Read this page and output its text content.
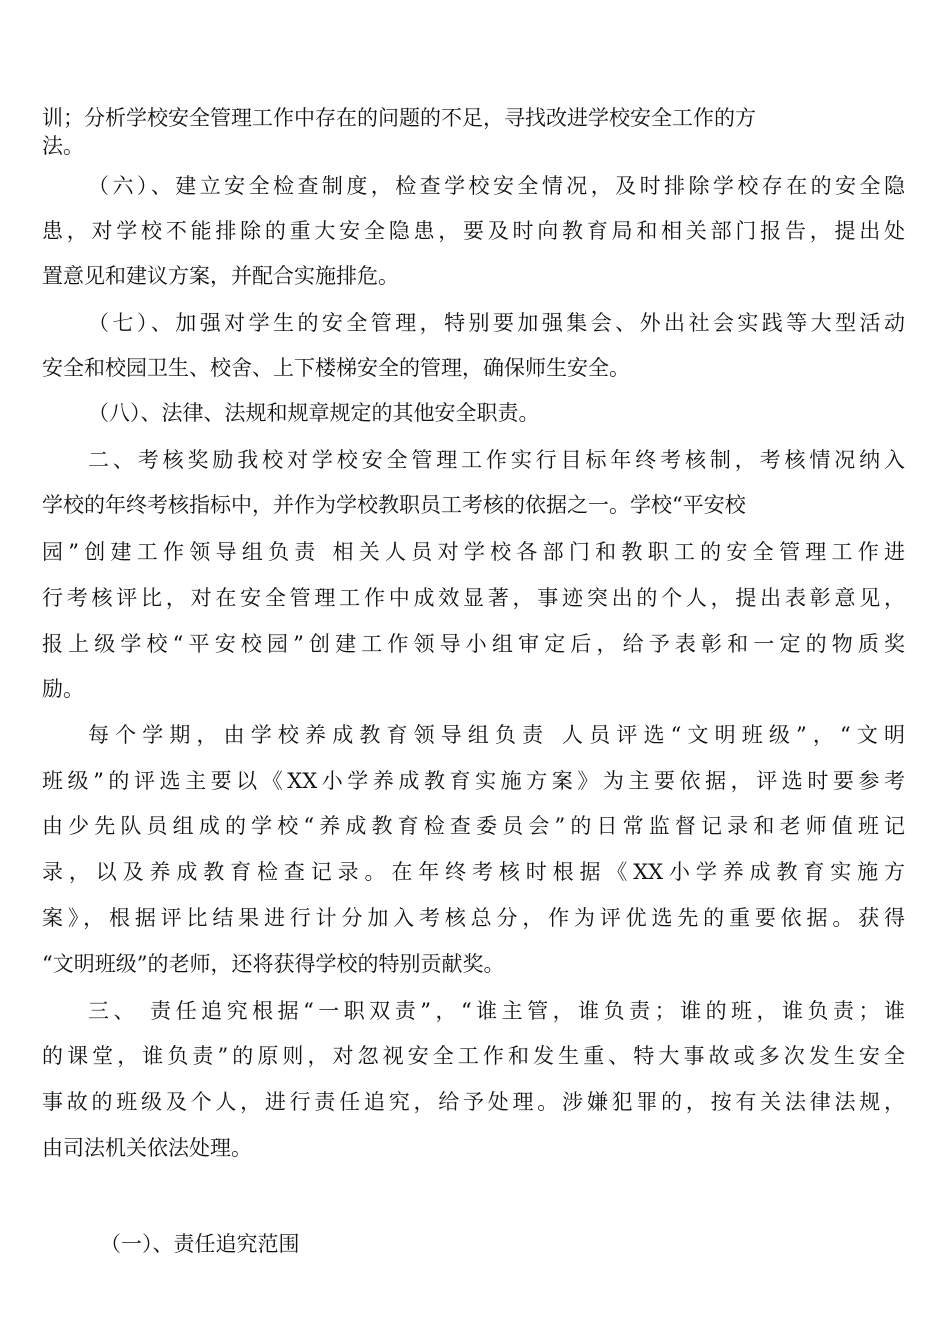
训；分析学校安全管理工作中存在的问题的不足，寻找改进学校安全工作的方
法。
（六）、建立安全检查制度，检查学校安全情况，及时排除学校存在的安全隐
患，对学校不能排除的重大安全隐患，要及时向教育局和相关部门报告，提出处
置意见和建议方案，并配合实施排危。
（七）、加强对学生的安全管理，特别要加强集会、外出社会实践等大型活动
安全和校园卫生、校舍、上下楼梯安全的管理，确保师生安全。
（八）、法律、法规和规章规定的其他安全职责。
二、考核奖励我校对学校安全管理工作实行目标年终考核制，考核情况纳入
学校的年终考核指标中，并作为学校教职员工考核的依据之一。学校“平安校
园”创建工作领导组负责 相关人员对学校各部门和教职工的安全管理工作进
行考核评比，对在安全管理工作中成效显著，事迹突出的个人，提出表彰意见，
报上级学校“平安校园”创建工作领导小组审定后，给予表彰和一定的物质奖
励。
每个学期，由学校养成教育领导组负责 人员评选“文明班级”，“文明
班级”的评选主要以《XX小学养成教育实施方案》为主要依据，评选时要参考
由少先队员组成的学校“养成教育检查委员会”的日常监督记录和老师值班记
录，以及养成教育检查记录。在年终考核时根据《XX小学养成教育实施方
案》，根据评比结果进行计分加入考核总分，作为评优选先的重要依据。获得
“文明班级”的老师，还将获得学校的特别贡献奖。
三、 责任追究根据“一职双责”，“谁主管，谁负责；谁的班，谁负责；谁
的课堂，谁负责”的原则，对忽视安全工作和发生重、特大事故或多次发生安全
事故的班级及个人，进行责任追究，给予处理。涉嫌犯罪的，按有关法律法规，
由司法机关依法处理。
（一）、责任追究范围
